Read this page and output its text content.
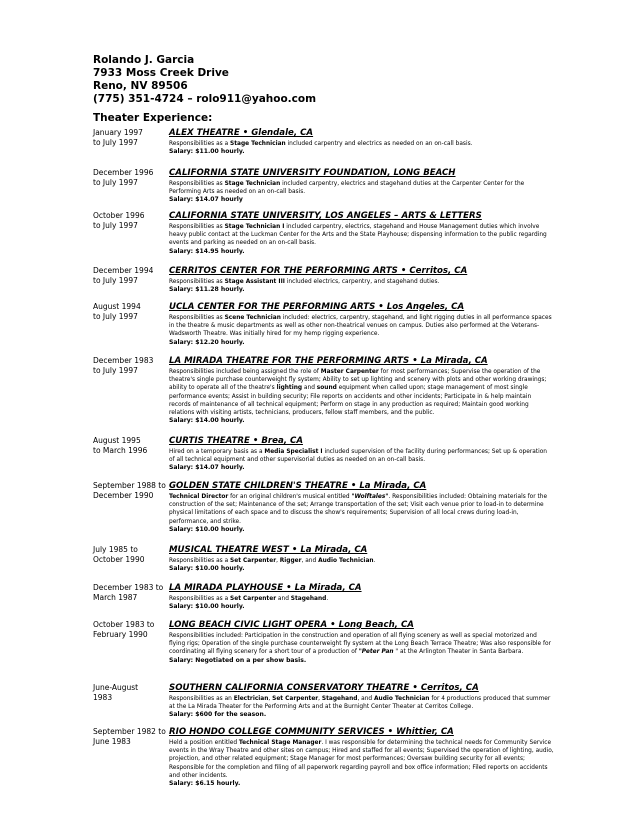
Rolando J. Garcia
7933 Moss Creek Drive
Reno, NV 89506
(775) 351-4724 – rolo911@yahoo.com
Theater Experience:
January 1997
to July 1997
ALEX THEATRE • Glendale, CA
Responsibilities as a Stage Technician included carpentry and electrics as needed on an on-call basis.
Salary: $11.00 hourly.
December 1996
to July 1997
CALIFORNIA STATE UNIVERSITY FOUNDATION, LONG BEACH
Responsibilities as Stage Technician included carpentry, electrics and stagehand duties at the Carpenter Center for the Performing Arts as needed on an on-call basis.
Salary: $14.07 hourly
October 1996
to July 1997
CALIFORNIA STATE UNIVERSITY, LOS ANGELES – ARTS & LETTERS
Responsibilities as Stage Technician I included carpentry, electrics, stagehand and House Management duties which involve heavy public contact at the Luckman Center for the Arts and the State Playhouse; dispensing information to the public regarding events and parking as needed on an on-call basis.
Salary: $14.95 hourly.
December 1994
to July 1997
CERRITOS CENTER FOR THE PERFORMING ARTS • Cerritos, CA
Responsibilities as Stage Assistant III included electrics, carpentry, and stagehand duties.
Salary: $11.28 hourly.
August 1994
to July 1997
UCLA CENTER FOR THE PERFORMING ARTS • Los Angeles, CA
Responsibilities as Scene Technician included: electrics, carpentry, stagehand, and light rigging duties in all performance spaces in the theatre & music departments as well as other non-theatrical venues on campus. Duties also performed at the Veterans-Wadsworth Theatre. Was initially hired for my hemp rigging experience.
Salary: $12.20 hourly.
December 1983
to July 1997
LA MIRADA THEATRE FOR THE PERFORMING ARTS • La Mirada, CA
Responsibilities included being assigned the role of Master Carpenter for most performances; Supervise the operation of the theatre's single purchase counterweight fly system; Ability to set up lighting and scenery with plots and other working drawings; ability to operate all of the theatre's lighting and sound equipment when called upon; stage management of most single performance events; Assist in building security; File reports on accidents and other incidents; Participate in & help maintain records of maintenance of all technical equipment; Perform on stage in any production as required; Maintain good working relations with visiting artists, technicians, producers, fellow staff members, and the public.
Salary: $14.00 hourly.
August 1995
to March 1996
CURTIS THEATRE • Brea, CA
Hired on a temporary basis as a Media Specialist I included supervision of the facility during performances; Set up & operation of all technical equipment and other supervisorial duties as needed on an on-call basis.
Salary: $14.07 hourly.
September 1988 to
December 1990
GOLDEN STATE CHILDREN'S THEATRE • La Mirada, CA
Technical Director for an original children's musical entitled "Wolftales". Responsibilities included: Obtaining materials for the construction of the set; Maintenance of the set; Arrange transportation of the set; Visit each venue prior to load-in to determine physical limitations of each space and to discuss the show's requirements; Supervision of all local crews during load-in, performance, and strike.
Salary: $10.00 hourly.
July 1985 to
October 1990
MUSICAL THEATRE WEST • La Mirada, CA
Responsibilities as a Set Carpenter, Rigger, and Audio Technician.
Salary: $10.00 hourly.
December 1983 to
March 1987
LA MIRADA PLAYHOUSE • La Mirada, CA
Responsibilities as a Set Carpenter and Stagehand.
Salary: $10.00 hourly.
October 1983 to
February 1990
LONG BEACH CIVIC LIGHT OPERA • Long Beach, CA
Responsibilities included: Participation in the construction and operation of all flying scenery as well as special motorized and flying rigs; Operation of the single purchase counterweight fly system at the Long Beach Terrace Theatre; Was also responsible for coordinating all flying scenery for a short tour of a production of "Peter Pan " at the Arlington Theater in Santa Barbara.
Salary: Negotiated on a per show basis.
June-August
1983
SOUTHERN CALIFORNIA CONSERVATORY THEATRE • Cerritos, CA
Responsibilities as an Electrician, Set Carpenter, Stagehand, and Audio Technician for 4 productions produced that summer at the La Mirada Theater for the Performing Arts and at the Burnight Center Theater at Cerritos College.
Salary: $600 for the season.
September 1982 to
June 1983
RIO HONDO COLLEGE COMMUNITY SERVICES • Whittier, CA
Held a position entitled Technical Stage Manager. I was responsible for determining the technical needs for Community Service events in the Wray Theatre and other sites on campus; Hired and staffed for all events; Supervised the operation of lighting, audio, projection, and other related equipment; Stage Manager for most performances; Oversaw building security for all events; Responsible for the completion and filing of all paperwork regarding payroll and box office information; Filed reports on accidents and other incidents.
Salary: $6.15 hourly.
